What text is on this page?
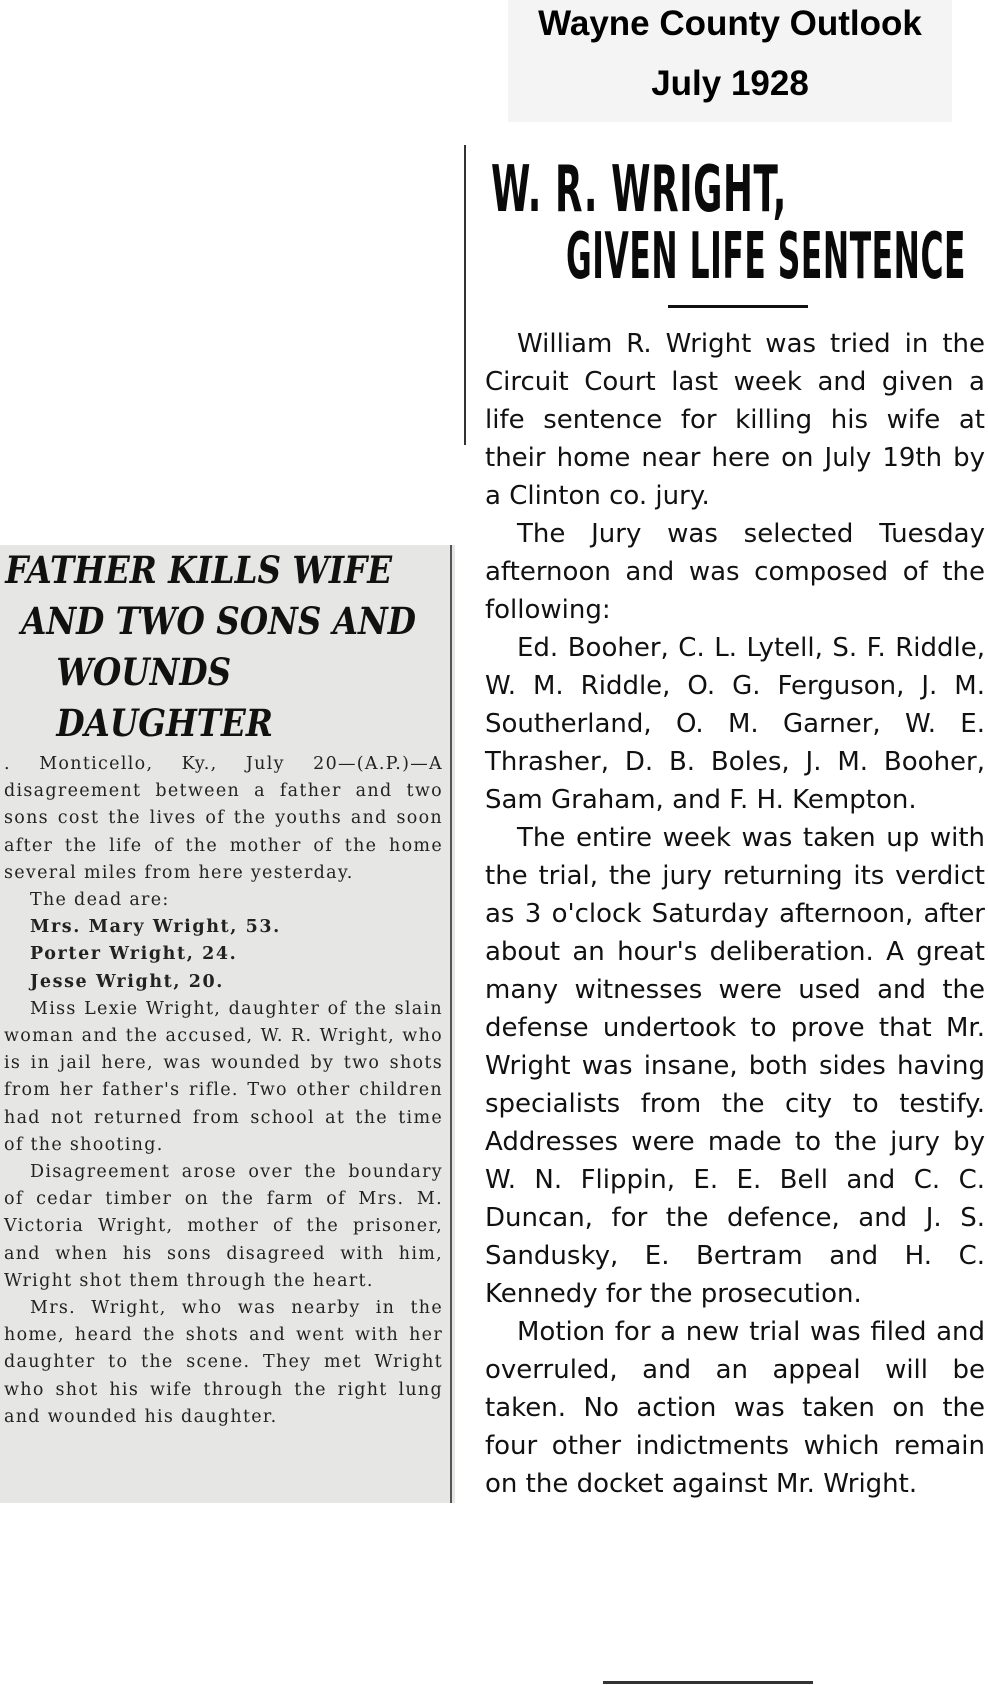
Wayne County Outlook
July 1928
FATHER KILLS WIFE
AND TWO SONS AND
WOUNDS DAUGHTER

. Monticello, Ky., July 20—(A.P.)—A disagreement between a father and two sons cost the lives of the youths and soon after the life of the mother of the home several miles from here yesterday.

The dead are:

Mrs. Mary Wright, 53.

Porter Wright, 24.

Jesse Wright, 20.

Miss Lexie Wright, daughter of the slain woman and the accused, W. R. Wright, who is in jail here, was wounded by two shots from her father's rifle. Two other children had not returned from school at the time of the shooting.

Disagreement arose over the boundary of cedar timber on the farm of Mrs. M. Victoria Wright, mother of the prisoner, and when his sons disagreed with him, Wright shot them through the heart.

Mrs. Wright, who was nearby in the home, heard the shots and went with her daughter to the scene. They met Wright who shot his wife through the right lung and wounded his daughter.

W. R. WRIGHT,
GIVEN LIFE SENTENCE

William R. Wright was tried in the Circuit Court last week and given a life sentence for killing his wife at their home near here on July 19th by a Clinton co. jury.

The Jury was selected Tuesday afternoon and was composed of the following:

Ed. Booher, C. L. Lytell, S. F. Riddle, W. M. Riddle, O. G. Ferguson, J. M. Southerland, O. M. Garner, W. E. Thrasher, D. B. Boles, J. M. Booher, Sam Graham, and F. H. Kempton.

The entire week was taken up with the trial, the jury returning its verdict as 3 o'clock Saturday afternoon, after about an hour's deliberation. A great many witnesses were used and the defense undertook to prove that Mr. Wright was insane, both sides having specialists from the city to testify. Addresses were made to the jury by W. N. Flippin, E. E. Bell and C. C. Duncan, for the defence, and J. S. Sandusky, E. Bertram and H. C. Kennedy for the prosecution.

Motion for a new trial was filed and overruled, and an appeal will be taken. No action was taken on the four other indictments which remain on the docket against Mr. Wright.
